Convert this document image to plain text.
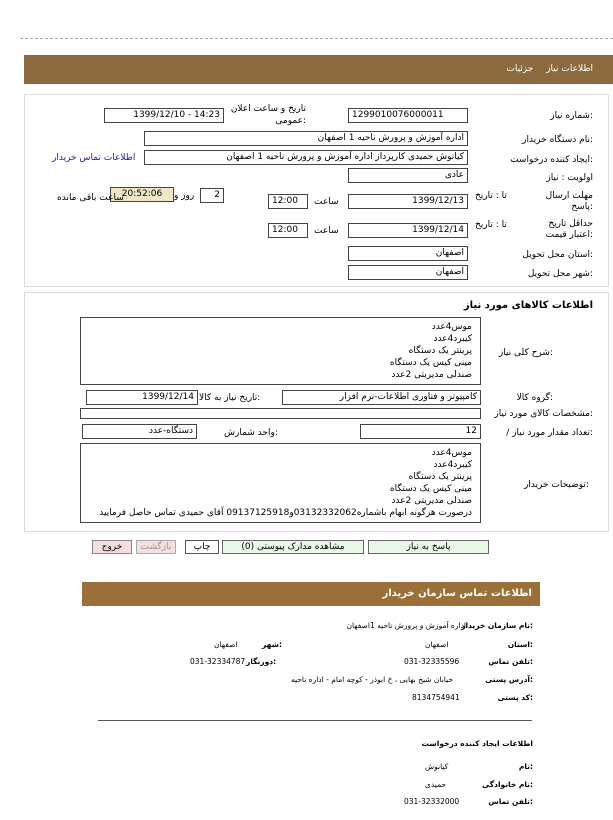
اطلاعات نیاز جزئیات
شماره نیاز:
1299010076000011
تاریخ و ساعت اعلان عمومی:
1399/12/10 - 14:23
نام دستگاه خریدار:
اداره آموزش و پرورش ناحیه 1 اصفهان
ایجاد کننده درخواست:
کیانوش حمیدی کارپرداز اداره آموزش و پرورش ناحیه 1 اصفهان
اطلاعات تماس خریدار
اولویت : نیاز
عادی
مهلت ارسال پاسخ:
تا : تاریخ
1399/12/13
ساعت
12:00
2
روز و
20:52:06
ساعت باقی مانده
حداقل تاریخ اعتبار قیمت:
تا : تاریخ
1399/12/14
ساعت
12:00
استان محل تحویل:
اصفهان
شهر محل تحویل:
اصفهان
اطلاعات کالاهای مورد نیاز
شرح کلی نیاز:
موس4عدد
کیبرد4عدد
پرینتر یک دستگاه
مینی کیس یک دستگاه
صندلی مدیریتی 2عدد
گروه کالا:
کامپیوتر و فناوری اطلاعات-نرم افزار
تاریخ نیاز به کالا:
1399/12/14
مشخصات کالای مورد نیاز:
/ تعداد مقدار مورد نیاز:
12
واحد شمارش:
دستگاه-عدد
توضیحات خریدار:
موس4عدد
کیبرد4عدد
پرینتر یک دستگاه
مینی کیس یک دستگاه
صندلی مدیریتی 2عدد
درصورت هرگونه ابهام باشماره03132332062و09137125918 آقای حمیدی تماس حاصل فرمایید
پاسخ به نیاز
مشاهده مدارک پیوستی (0)
چاپ
بازگشت
خروج
اطلاعات تماس سازمان خریدار
نام سازمان خریدار:
اداره آموزش و پرورش ناحیه 1اصفهان
استان:
اصفهان
شهر:
اصفهان
تلفن تماس:
031-32335596
دورنگار:
031-32334787
آدرس پستی:
خیابان شیخ بهایی ، خ ابوذر - کوچه امام - اداره ناحیه
کد پستی:
8134754941
اطلاعات ایجاد کننده درخواست
نام:
کیانوش
نام خانوادگی:
حمیدی
تلفن تماس:
031-32332000
